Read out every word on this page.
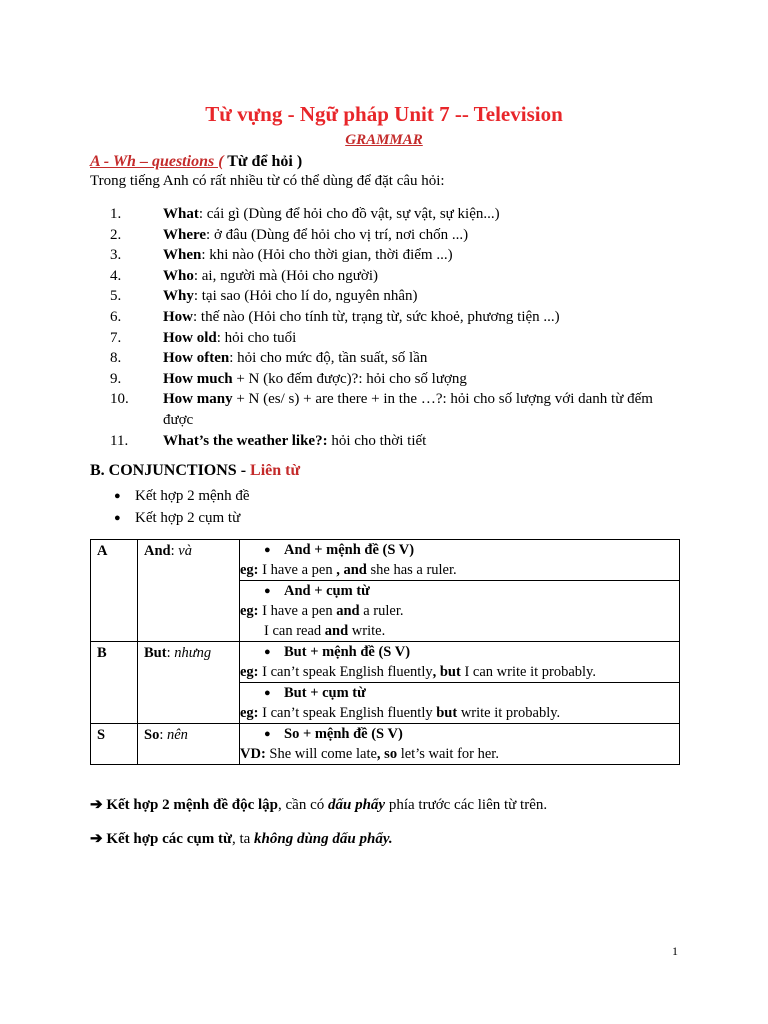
Từ vựng - Ngữ pháp Unit 7 -- Television
GRAMMAR
A - Wh – questions ( Từ để hỏi )
Trong tiếng Anh có rất nhiều từ có thể dùng để đặt câu hỏi:
1.	What: cái gì (Dùng để hỏi cho đồ vật, sự vật, sự kiện...)
2.	Where: ở đâu (Dùng để hỏi cho vị trí, nơi chốn ...)
3.	When: khi nào (Hỏi cho thời gian, thời điểm ...)
4.	Who: ai, người mà (Hỏi cho người)
5.	Why: tại sao (Hỏi cho lí do, nguyên nhân)
6.	How: thế nào (Hỏi cho tính từ, trạng từ, sức khoẻ, phương tiện ...)
7.	How old: hỏi cho tuổi
8.	How often: hỏi cho mức độ, tần suất, số lần
9.	How much + N (ko đếm được)?: hỏi cho số lượng
10.	How many + N (es/ s) + are there + in the …?: hỏi cho số lượng với danh từ đếm được
11.	What’s the weather like?: hỏi cho thời tiết
B. CONJUNCTIONS - Liên từ
● Kết hợp 2 mệnh đề
● Kết hợp 2 cụm từ
A	And: và	● And + mệnh đề (S V)
eg: I have a pen , and she has a ruler.

		● And + cụm từ
eg: I have a pen and a ruler.
I can read and write.

B	But: nhưng	● But + mệnh đề (S V)
eg: I can’t speak English fluently, but I can write it probably.

		● But + cụm từ
eg: I can’t speak English fluently but write it probably.

S	So: nên	● So + mệnh đề (S V)
VD: She will come late, so let’s wait for her.
➔ Kết hợp 2 mệnh đề độc lập, cần có dấu phẩy phía trước các liên từ trên.
➔ Kết hợp các cụm từ, ta không dùng dấu phẩy.
1
